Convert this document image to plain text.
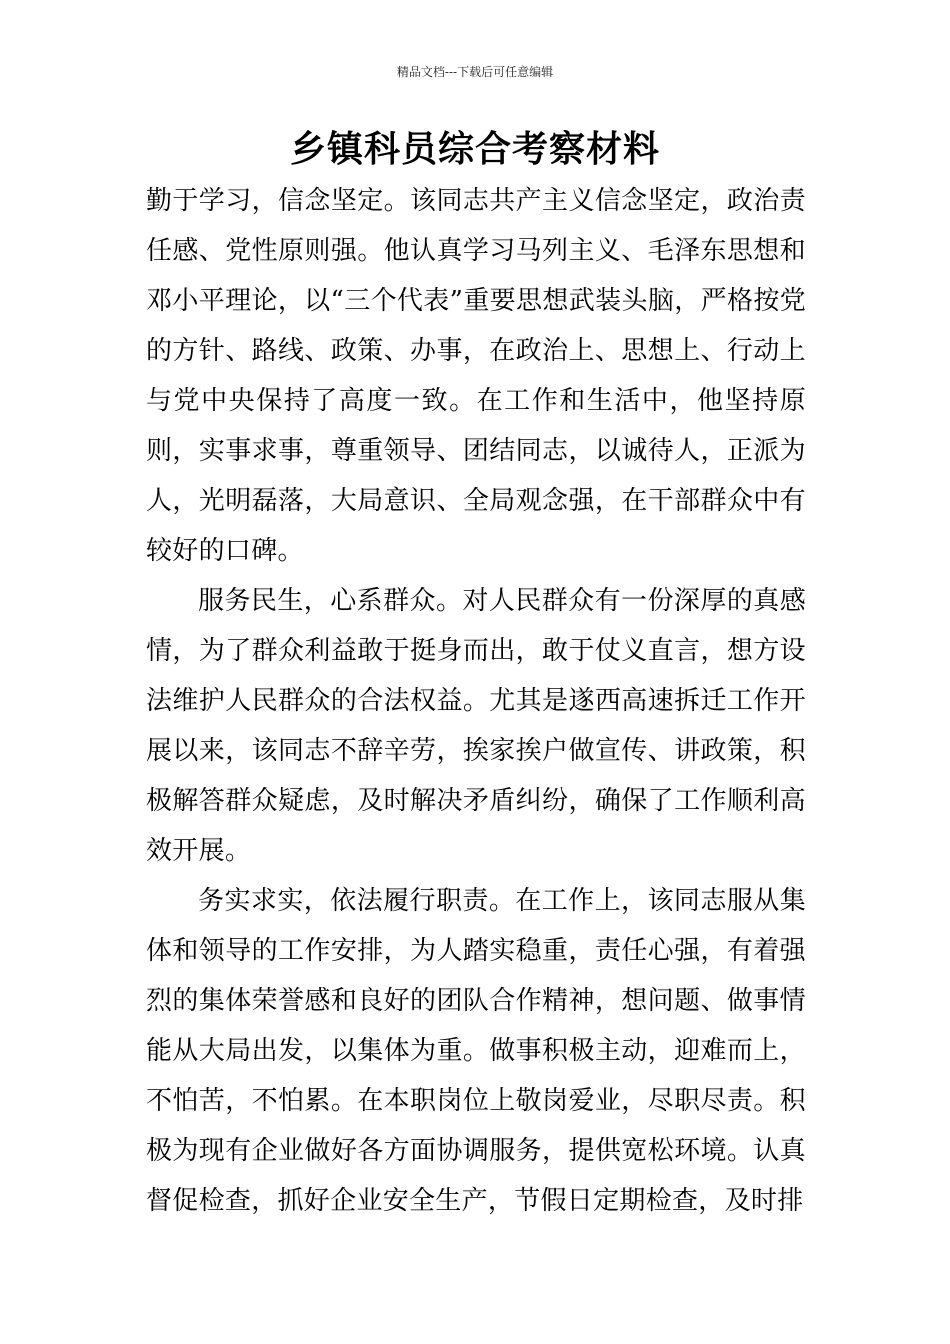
精品文档---下载后可任意编辑
乡镇科员综合考察材料

勤于学习，信念坚定。该同志共产主义信念坚定，政治责任感、党性原则强。他认真学习马列主义、毛泽东思想和邓小平理论，以“三个代表”重要思想武装头脑，严格按党的方针、路线、政策、办事，在政治上、思想上、行动上与党中央保持了高度一致。在工作和生活中，他坚持原则，实事求事，尊重领导、团结同志，以诚待人，正派为人，光明磊落，大局意识、全局观念强，在干部群众中有较好的口碑。

服务民生，心系群众。对人民群众有一份深厚的真感情，为了群众利益敢于挺身而出，敢于仗义直言，想方设法维护人民群众的合法权益。尤其是遂西高速拆迁工作开展以来，该同志不辞辛劳，挨家挨户做宣传、讲政策，积极解答群众疑虑，及时解决矛盾纠纷，确保了工作顺利高效开展。

务实求实，依法履行职责。在工作上，该同志服从集体和领导的工作安排，为人踏实稳重，责任心强，有着强烈的集体荣誉感和良好的团队合作精神，想问题、做事情能从大局出发，以集体为重。做事积极主动，迎难而上，不怕苦，不怕累。在本职岗位上敬岗爱业，尽职尽责。积极为现有企业做好各方面协调服务，提供宽松环境。认真督促检查，抓好企业安全生产，节假日定期检查，及时排
